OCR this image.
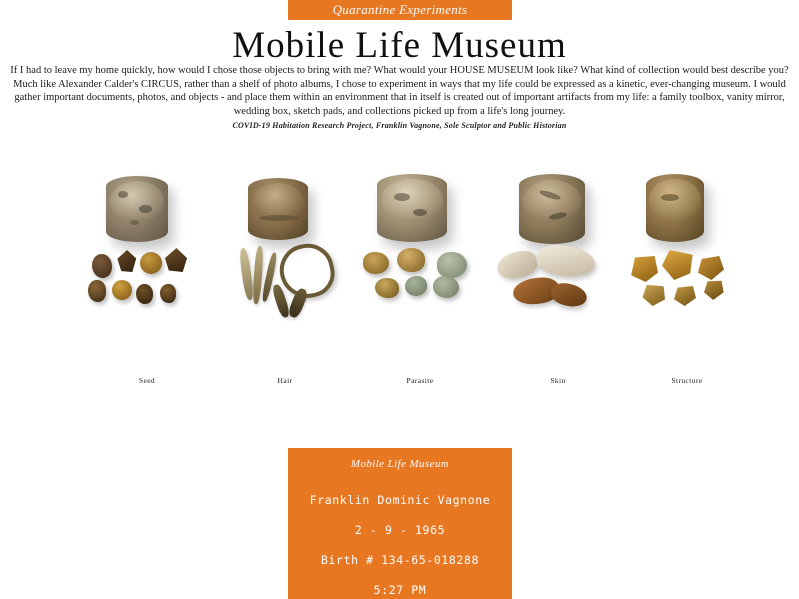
Quarantine Experiments
Mobile Life Museum
If I had to leave my home quickly, how would I chose those objects to bring with me? What would your HOUSE MUSEUM look like? What kind of collection would best describe you? Much like Alexander Calder's CIRCUS, rather than a shelf of photo albums, I chose to experiment in ways that my life could be expressed as a kinetic, ever-changing museum. I would gather important documents, photos, and objects - and place them within an environment that in itself is created out of important artifacts from my life: a family toolbox, vanity mirror, wedding box, sketch pads, and collections picked up from a life's long journey.
COVID-19 Habitation Research Project, Franklin Vagnone, Sole Sculptor and Public Historian
Seed	Hair	Parasite	Skin	Structure
Mobile Life Museum
Franklin Dominic Vagnone
2 - 9 - 1965
Birth # 134-65-018288
5:27 PM
